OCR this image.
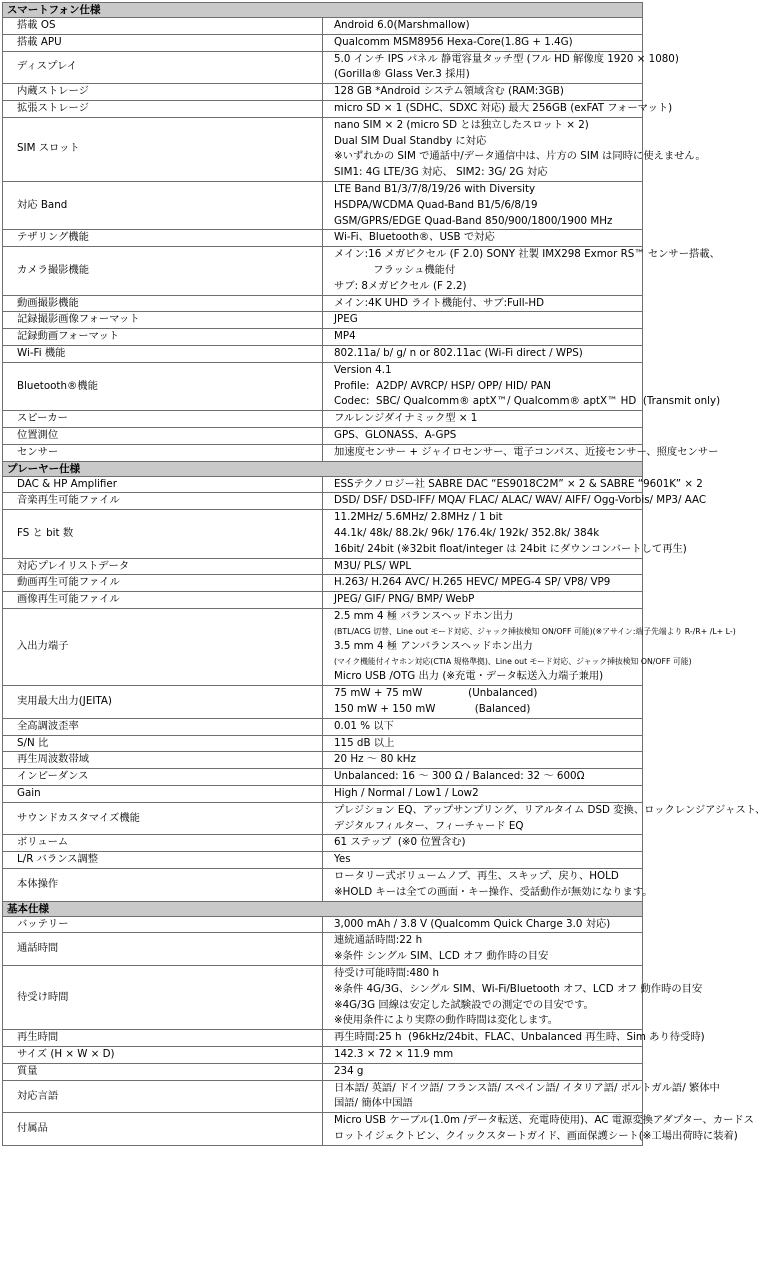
スマートフォン仕様	
搭載 OS	Android 6.0(Marshmallow)

搭載 APU	Qualcomm MSM8956 Hexa-Core(1.8G + 1.4G)

ディスプレイ	5.0 インチ IPS パネル 静電容量タッチ型 (フル HD 解像度 1920 × 1080)
(Gorilla® Glass Ver.3 採用)

内蔵ストレージ	128 GB *Android システム領域含む (RAM:3GB)

拡張ストレージ	micro SD × 1 (SDHC、SDXC 対応) 最大 256GB (exFAT フォーマット)

SIM スロット	nano SIM × 2 (micro SD とは独立したスロット × 2)
Dual SIM Dual Standby に対応
※いずれかの SIM で通話中/データ通信中は、片方の SIM は同時に使えません。
SIM1: 4G LTE/3G 対応、 SIM2: 3G/ 2G 対応

対応 Band	LTE Band B1/3/7/8/19/26 with Diversity
HSDPA/WCDMA Quad-Band B1/5/6/8/19
GSM/GPRS/EDGE Quad-Band 850/900/1800/1900 MHz

テザリング機能	Wi-Fi、Bluetooth®、USB で対応

カメラ撮影機能	メイン:16 メガピクセル (F 2.0) SONY 社製 IMX298 Exmor RS™ センサー搭載、
フラッシュ機能付
サブ: 8メガピクセル (F 2.2)

動画撮影機能	メイン:4K UHD ライト機能付、サブ:Full-HD

記録撮影画像フォーマット	JPEG

記録動画フォーマット	MP4

Wi-Fi 機能	802.11a/ b/ g/ n or 802.11ac (Wi-Fi direct / WPS)

Bluetooth®機能	Version 4.1
Profile:  A2DP/ AVRCP/ HSP/ OPP/ HID/ PAN
Codec:  SBC/ Qualcomm® aptX™/ Qualcomm® aptX™ HD  (Transmit only)

スピーカー	フルレンジダイナミック型 × 1

位置測位	GPS、GLONASS、A-GPS

センサー	加速度センサー + ジャイロセンサー、電子コンパス、近接センサー、照度センサー

プレーヤー仕様	
DAC & HP Amplifier	ESSテクノロジー社 SABRE DAC “ES9018C2M” × 2 & SABRE “9601K” × 2

音楽再生可能ファイル	DSD/ DSF/ DSD-IFF/ MQA/ FLAC/ ALAC/ WAV/ AIFF/ Ogg-Vorbis/ MP3/ AAC

FS と bit 数	11.2MHz/ 5.6MHz/ 2.8MHz / 1 bit
44.1k/ 48k/ 88.2k/ 96k/ 176.4k/ 192k/ 352.8k/ 384k
16bit/ 24bit (※32bit float/integer は 24bit にダウンコンバートして再生)

対応プレイリストデータ	M3U/ PLS/ WPL

動画再生可能ファイル	H.263/ H.264 AVC/ H.265 HEVC/ MPEG-4 SP/ VP8/ VP9

画像再生可能ファイル	JPEG/ GIF/ PNG/ BMP/ WebP

入出力端子	2.5 mm 4 極 バランスヘッドホン出力
(BTL/ACG 切替、Line out モード対応、ジャック挿抜検知 ON/OFF 可能)(※アサイン:端子先端より R-/R+ /L+ L-)
3.5 mm 4 極 アンバランスヘッドホン出力
(マイク機能付イヤホン対応(CTIA 規格準拠)、Line out モード対応、ジャック挿抜検知 ON/OFF 可能)
Micro USB /OTG 出力 (※充電・データ転送入力端子兼用)

実用最大出力(JEITA)	75 mW + 75 mW              (Unbalanced)
150 mW + 150 mW            (Balanced)

全高調波歪率	0.01 % 以下

S/N 比	115 dB 以上

再生周波数帯域	20 Hz ～ 80 kHz

インピーダンス	Unbalanced: 16 ～ 300 Ω / Balanced: 32 ～ 600Ω

Gain	High / Normal / Low1 / Low2

サウンドカスタマイズ機能	プレジション EQ、アップサンプリング、リアルタイム DSD 変換、ロックレンジアジャスト、
デジタルフィルター、フィーチャード EQ

ボリューム	61 ステップ  (※0 位置含む)

L/R バランス調整	Yes

本体操作	ロータリー式ボリュームノブ、再生、スキップ、戻り、HOLD
※HOLD キーは全ての画面・キー操作、受話動作が無効になります。

基本仕様	
バッテリー	3,000 mAh / 3.8 V (Qualcomm Quick Charge 3.0 対応)

通話時間	連続通話時間:22 h
※条件 シングル SIM、LCD オフ 動作時の目安

待受け時間	待受け可能時間:480 h
※条件 4G/3G、シングル SIM、Wi-Fi/Bluetooth オフ、LCD オフ 動作時の目安
※4G/3G 回線は安定した試験設での測定での目安です。
※使用条件により実際の動作時間は変化します。

再生時間	再生時間:25 h  (96kHz/24bit、FLAC、Unbalanced 再生時、Sim あり待受時)

サイズ (H × W × D)	142.3 × 72 × 11.9 mm

質量	234 g

対応言語	日本語/ 英語/ ドイツ語/ フランス語/ スペイン語/ イタリア語/ ポルトガル語/ 繁体中
国語/ 簡体中国語

付属品	Micro USB ケーブル(1.0m /データ転送、充電時使用)、AC 電源変換アダプター、カードス
ロットイジェクトピン、クイックスタートガイド、画面保護シート(※工場出荷時に装着)
